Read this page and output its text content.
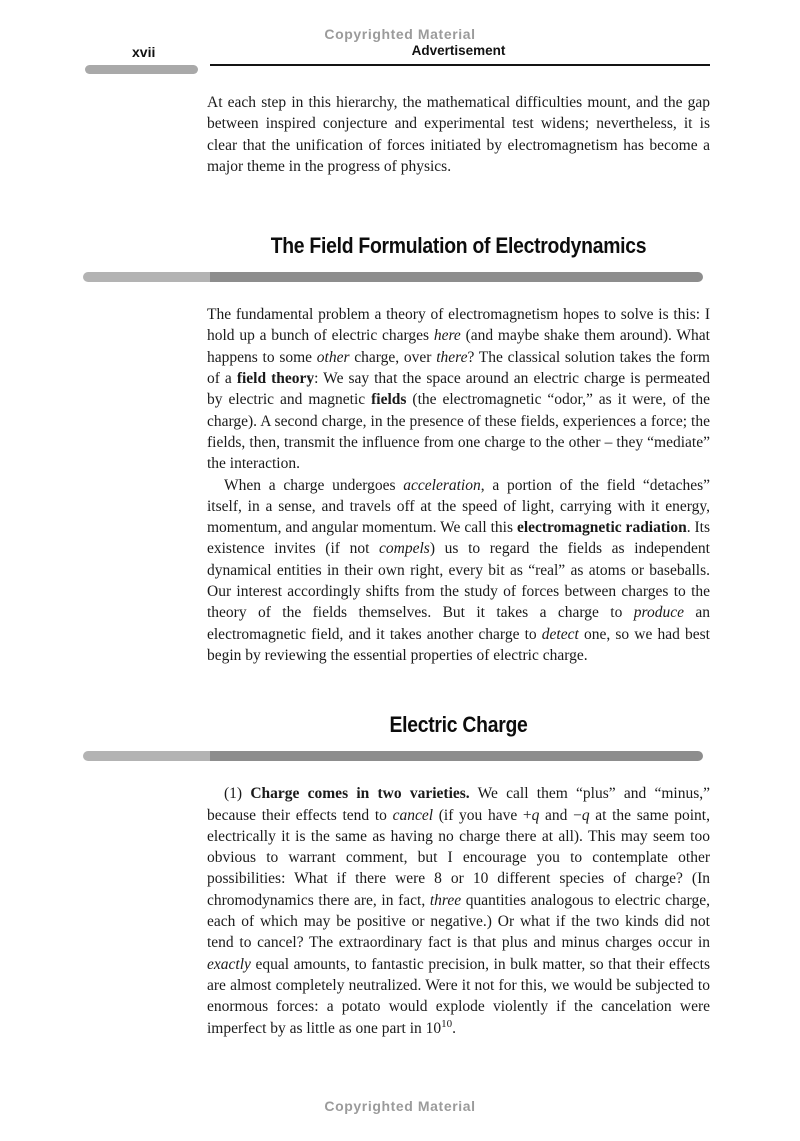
Copyrighted Material
xvii	Advertisement

At each step in this hierarchy, the mathematical difficulties mount, and the gap between inspired conjecture and experimental test widens; nevertheless, it is clear that the unification of forces initiated by electromagnetism has become a major theme in the progress of physics.

The Field Formulation of Electrodynamics

The fundamental problem a theory of electromagnetism hopes to solve is this: I hold up a bunch of electric charges here (and maybe shake them around). What happens to some other charge, over there? The classical solution takes the form of a field theory: We say that the space around an electric charge is permeated by electric and magnetic fields (the electromagnetic “odor,” as it were, of the charge). A second charge, in the presence of these fields, experiences a force; the fields, then, transmit the influence from one charge to the other – they “mediate” the interaction.

When a charge undergoes acceleration, a portion of the field “detaches” itself, in a sense, and travels off at the speed of light, carrying with it energy, momentum, and angular momentum. We call this electromagnetic radiation. Its existence invites (if not compels) us to regard the fields as independent dynamical entities in their own right, every bit as “real” as atoms or baseballs. Our interest accordingly shifts from the study of forces between charges to the theory of the fields themselves. But it takes a charge to produce an electromagnetic field, and it takes another charge to detect one, so we had best begin by reviewing the essential properties of electric charge.

Electric Charge

(1) Charge comes in two varieties. We call them “plus” and “minus,” because their effects tend to cancel (if you have +q and −q at the same point, electrically it is the same as having no charge there at all). This may seem too obvious to warrant comment, but I encourage you to contemplate other possibilities: What if there were 8 or 10 different species of charge? (In chromodynamics there are, in fact, three quantities analogous to electric charge, each of which may be positive or negative.) Or what if the two kinds did not tend to cancel? The extraordinary fact is that plus and minus charges occur in exactly equal amounts, to fantastic precision, in bulk matter, so that their effects are almost completely neutralized. Were it not for this, we would be subjected to enormous forces: a potato would explode violently if the cancelation were imperfect by as little as one part in $10^{10}$.

Copyrighted Material
